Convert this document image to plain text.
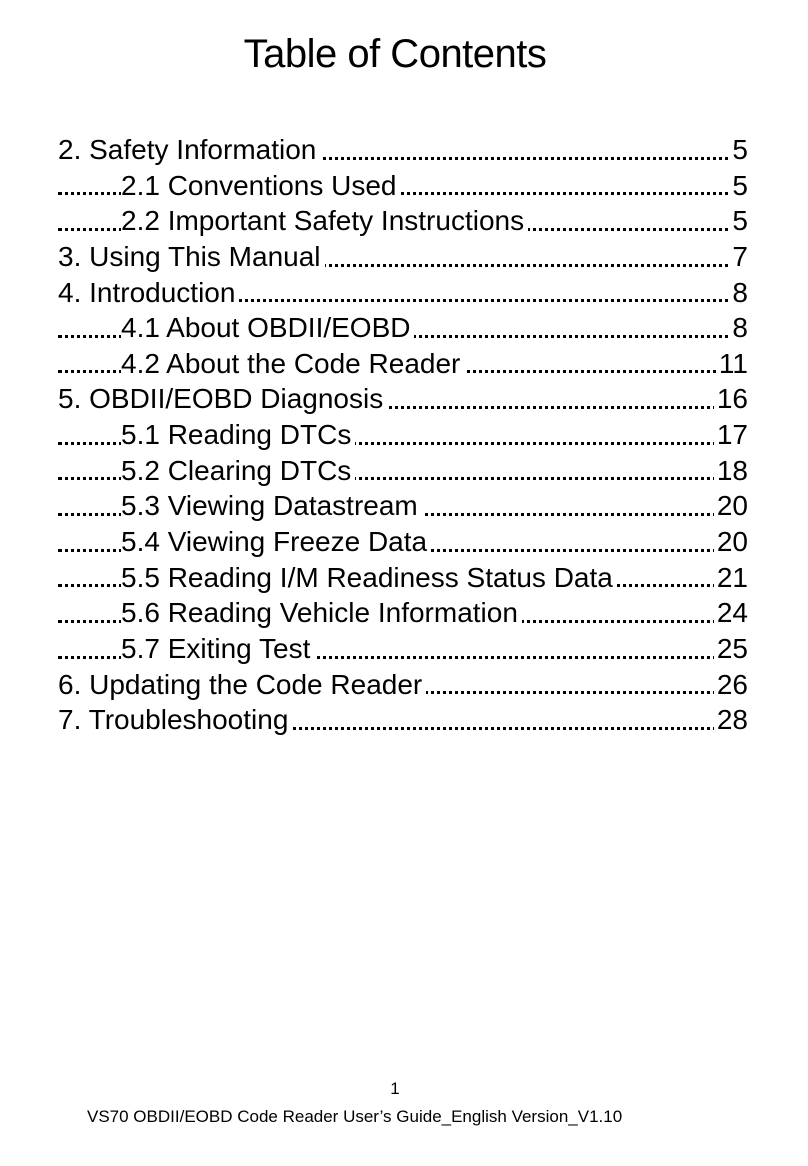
Table of Contents
2. Safety Information	5
2.1 Conventions Used	5
2.2 Important Safety Instructions	5
3. Using This Manual	7
4. Introduction	8
4.1 About OBDII/EOBD	8
4.2 About the Code Reader	11
5. OBDII/EOBD Diagnosis	16
5.1 Reading DTCs	17
5.2 Clearing DTCs	18
5.3 Viewing Datastream	20
5.4 Viewing Freeze Data	20
5.5 Reading I/M Readiness Status Data	21
5.6 Reading Vehicle Information	24
5.7 Exiting Test	25
6. Updating the Code Reader	26
7. Troubleshooting	28
1
VS70 OBDII/EOBD Code Reader User’s Guide_English Version_V1.10
